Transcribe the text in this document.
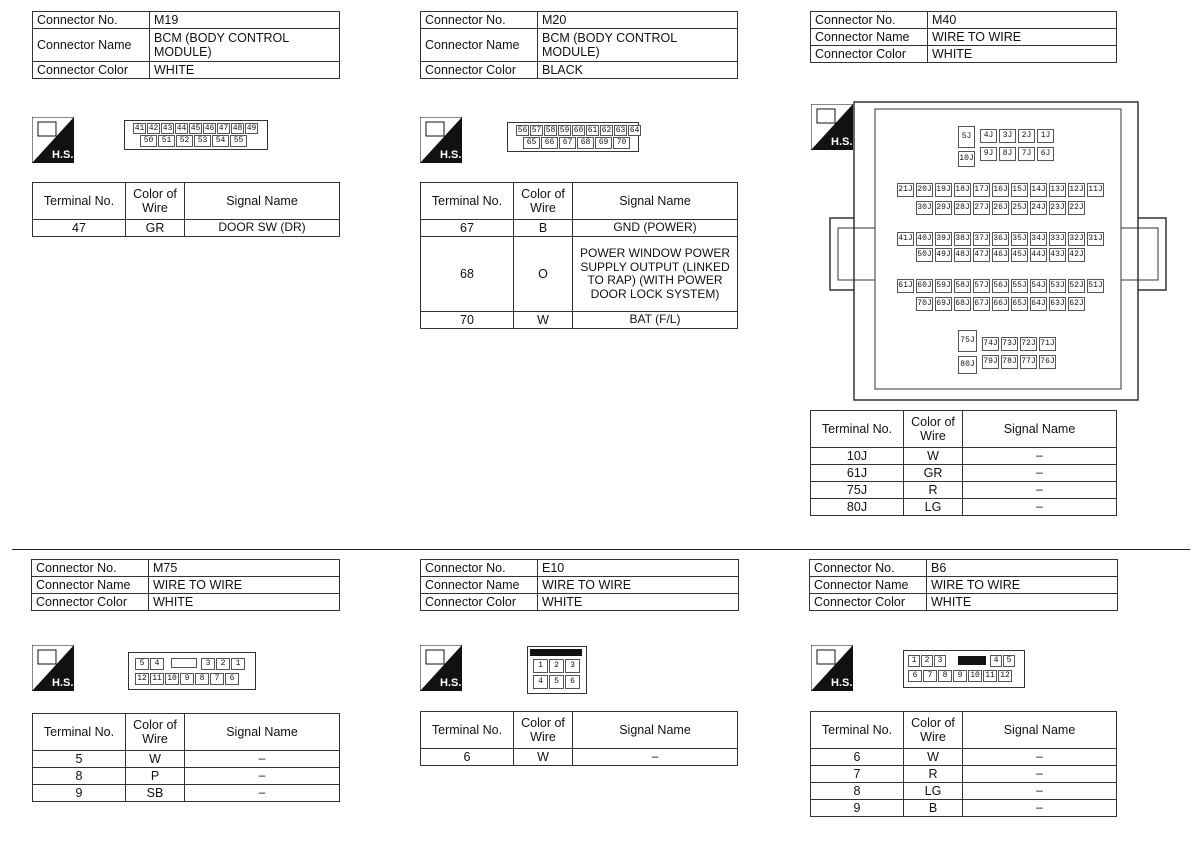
Connector No.	M19
Connector Name	BCM (BODY CONTROL MODULE)
Connector Color	WHITE
H.S.
41 42 43 44 45 46 47 48 49
50	51	52	53	54	55
Terminal No.	Color of Wire	Signal Name
47	GR	DOOR SW (DR)
Connector No.	M20
Connector Name	BCM (BODY CONTROL MODULE)
Connector Color	BLACK
H.S.
56 57 58 59 60 61 62 63 64
65	66	67	68	69	70
Terminal No.	Color of Wire	Signal Name
67	B	GND (POWER)
68	O	POWER WINDOW POWER SUPPLY OUTPUT (LINKED TO RAP) (WITH POWER DOOR LOCK SYSTEM)
70	W	BAT (F/L)
Connector No.	M40
Connector Name	WIRE TO WIRE
Connector Color	WHITE
H.S.	5J	4J	3J	2J	1J
10J
9J	8J	7J	6J
21J 20J 19J 18J 17J 16J 15J 14J 13J 12J 11J
30J 29J 28J 27J 26J 25J 24J 23J 22J
41J 40J 39J 38J 37J 36J 35J 34J 33J 32J 31J
50J 49J 48J 47J 46J 45J 44J 43J 42J
61J 60J 59J 58J 57J 56J 55J 54J 53J 52J 51J
70J 69J 68J 67J 66J 65J 64J 63J 62J
75J 74J 73J 72J 71J
80J 79J 78J 77J 76J
Terminal No.	Color of Wire	Signal Name
10J	W	–
61J	GR	–
75J	R	–
80J	LG	–
Connector No.	M75
Connector Name	WIRE TO WIRE
Connector Color	WHITE
H.S.
5	4	3	2	1
12 11 10 9	8	7	6
Terminal No.	Color of Wire	Signal Name
5	W	–
8	P	–
9	SB	–
Connector No.	E10
Connector Name	WIRE TO WIRE
Connector Color	WHITE
H.S.
1	2	3
4	5	6
Terminal No.	Color of Wire	Signal Name
6	W	–
Connector No.	B6
Connector Name	WIRE TO WIRE
Connector Color	WHITE
H.S.
1	2	3	4	5
6	7	8	9 10 11 12
Terminal No.	Color of Wire	Signal Name
6	W	–
7	R	–
8	LG	–
9	B	–
